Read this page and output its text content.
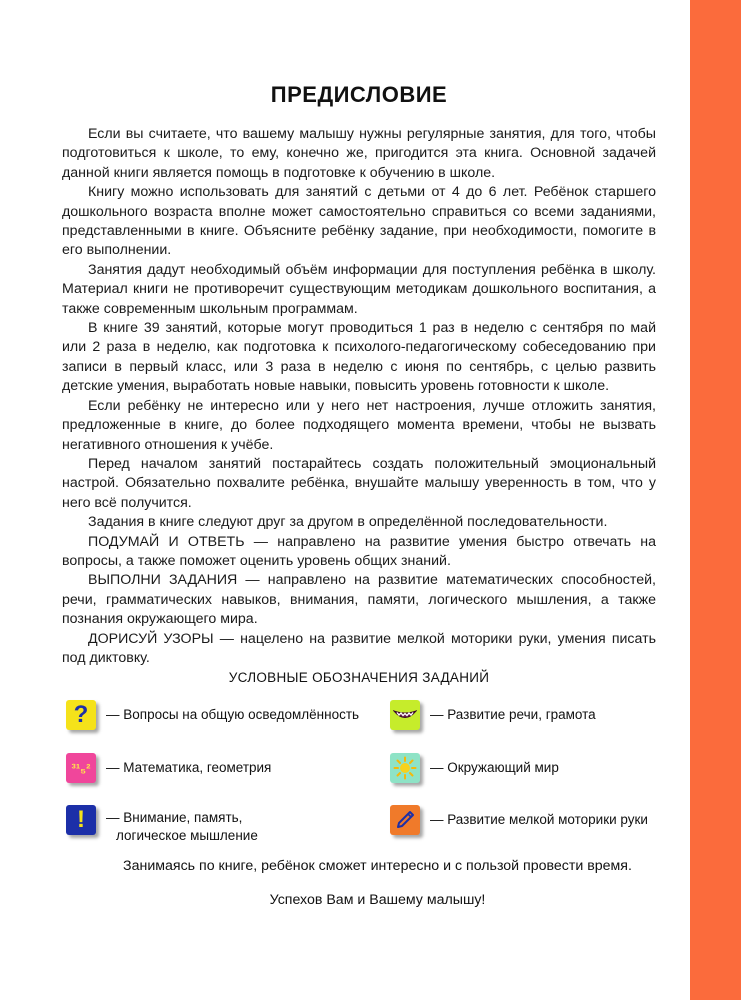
ПРЕДИСЛОВИЕ

Если вы считаете, что вашему малышу нужны регулярные занятия, для того, чтобы подготовиться к школе, то ему, конечно же, пригодится эта книга. Основной задачей данной книги является помощь в подготовке к обучению в школе.

Книгу можно использовать для занятий с детьми от 4 до 6 лет. Ребёнок старшего дошкольного возраста вполне может самостоятельно справиться со всеми заданиями, представленными в книге. Объясните ребёнку задание, при необходимости, помогите в его выполнении.

Занятия дадут необходимый объём информации для поступления ребёнка в школу. Материал книги не противоречит существующим методикам дошкольного воспитания, а также современным школьным программам.

В книге 39 занятий, которые могут проводиться 1 раз в неделю с сентября по май или 2 раза в неделю, как подготовка к психолого-педагогическому собеседованию при записи в первый класс, или 3 раза в неделю с июня по сентябрь, с целью развить детские умения, выработать новые навыки, повысить уровень готовности к школе.

Если ребёнку не интересно или у него нет настроения, лучше отложить занятия, предложенные в книге, до более подходящего момента времени, чтобы не вызвать негативного отношения к учёбе.

Перед началом занятий постарайтесь создать положительный эмоциональный настрой. Обязательно похвалите ребёнка, внушайте малышу уверенность в том, что у него всё получится.

Задания в книге следуют друг за другом в определённой последовательности.

ПОДУМАЙ И ОТВЕТЬ — направлено на развитие умения быстро отвечать на вопросы, а также поможет оценить уровень общих знаний.

ВЫПОЛНИ ЗАДАНИЯ — направлено на развитие математических способностей, речи, грамматических навыков, внимания, памяти, логического мышления, а также познания окружающего мира.

ДОРИСУЙ УЗОРЫ — нацелено на развитие мелкой моторики руки, умения писать под диктовку.

УСЛОВНЫЕ ОБОЗНАЧЕНИЯ ЗАДАНИЙ
? — Вопросы на общую осведомлённость	— Развитие речи, грамота
³¹₅² — Математика, геометрия	— Окружающий мир
! — Внимание, память,
логическое мышление
— Развитие мелкой моторики руки
Занимаясь по книге, ребёнок сможет интересно и с пользой провести время.
Успехов Вам и Вашему малышу!
